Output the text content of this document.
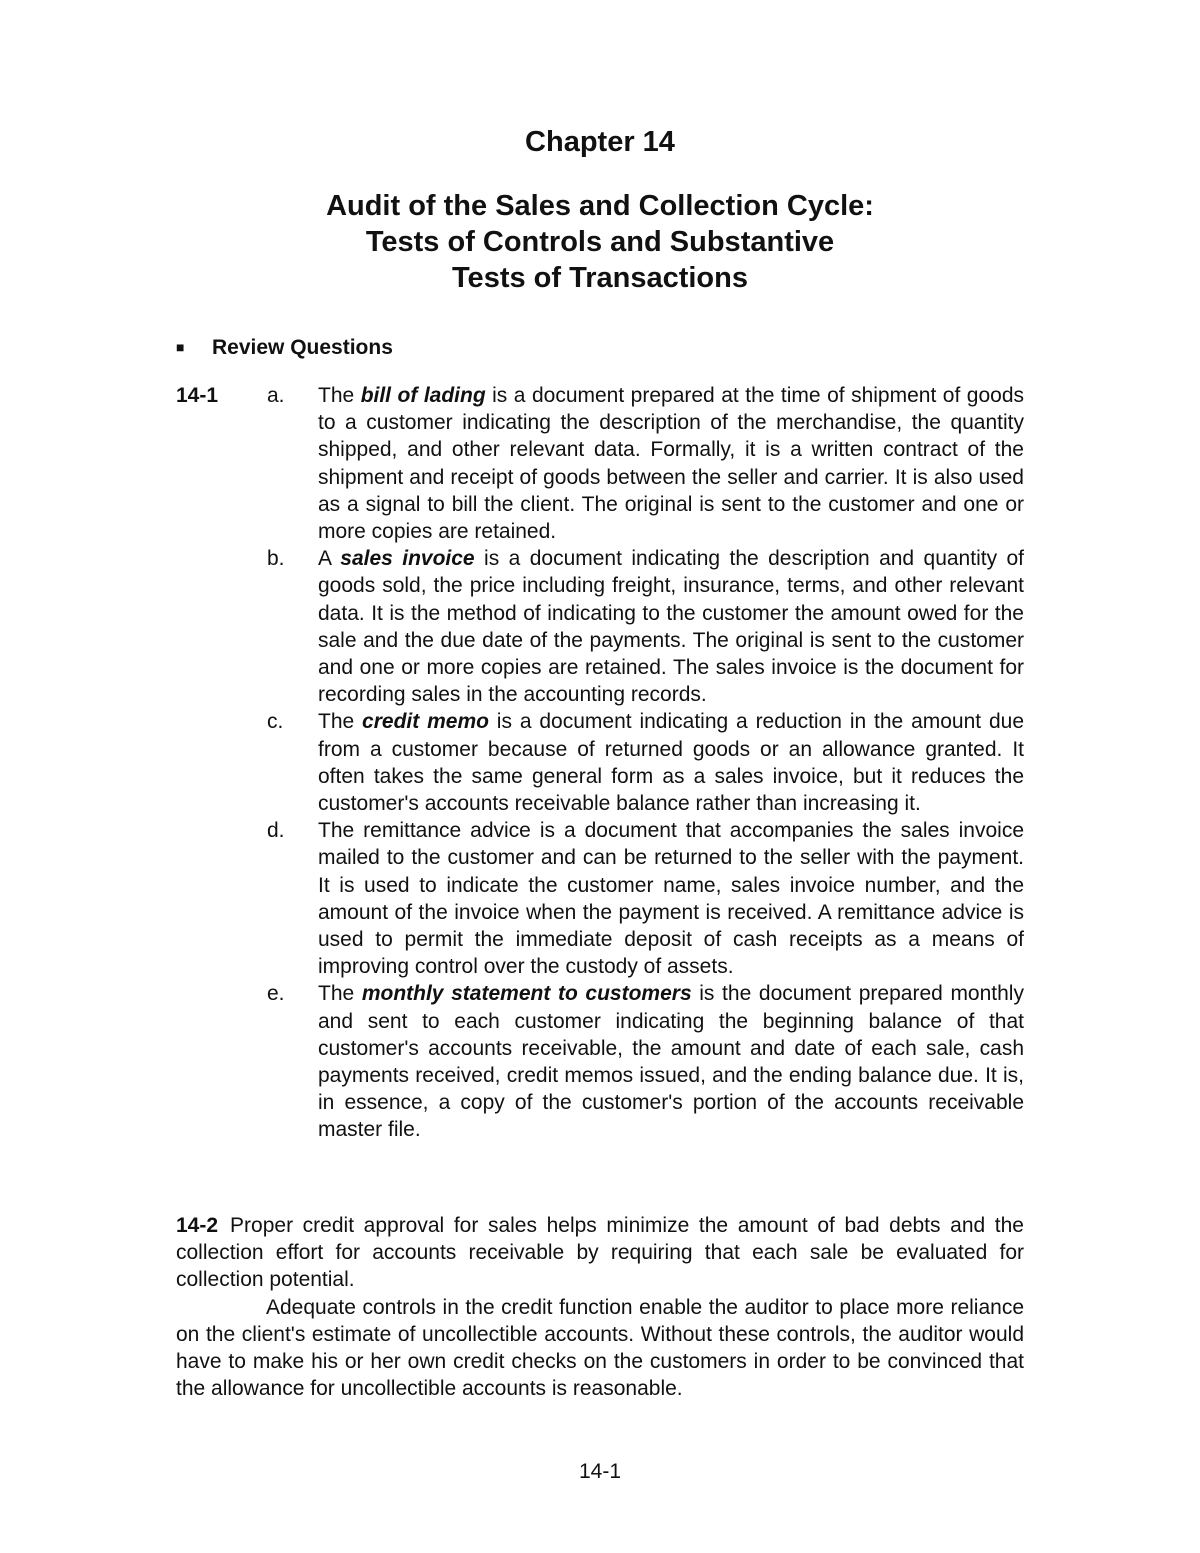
Chapter 14
Audit of the Sales and Collection Cycle:
Tests of Controls and Substantive
Tests of Transactions
■ Review Questions
14-1 a. The bill of lading is a document prepared at the time of shipment of goods to a customer indicating the description of the merchandise, the quantity shipped, and other relevant data. Formally, it is a written contract of the shipment and receipt of goods between the seller and carrier. It is also used as a signal to bill the client. The original is sent to the customer and one or more copies are retained.
b. A sales invoice is a document indicating the description and quantity of goods sold, the price including freight, insurance, terms, and other relevant data. It is the method of indicating to the customer the amount owed for the sale and the due date of the payments. The original is sent to the customer and one or more copies are retained. The sales invoice is the document for recording sales in the accounting records.
c. The credit memo is a document indicating a reduction in the amount due from a customer because of returned goods or an allowance granted. It often takes the same general form as a sales invoice, but it reduces the customer's accounts receivable balance rather than increasing it.
d. The remittance advice is a document that accompanies the sales invoice mailed to the customer and can be returned to the seller with the payment. It is used to indicate the customer name, sales invoice number, and the amount of the invoice when the payment is received. A remittance advice is used to permit the immediate deposit of cash receipts as a means of improving control over the custody of assets.
e. The monthly statement to customers is the document prepared monthly and sent to each customer indicating the beginning balance of that customer's accounts receivable, the amount and date of each sale, cash payments received, credit memos issued, and the ending balance due. It is, in essence, a copy of the customer's portion of the accounts receivable master file.
14-2 Proper credit approval for sales helps minimize the amount of bad debts and the collection effort for accounts receivable by requiring that each sale be evaluated for collection potential.
Adequate controls in the credit function enable the auditor to place more reliance on the client's estimate of uncollectible accounts. Without these controls, the auditor would have to make his or her own credit checks on the customers in order to be convinced that the allowance for uncollectible accounts is reasonable.
14-1
